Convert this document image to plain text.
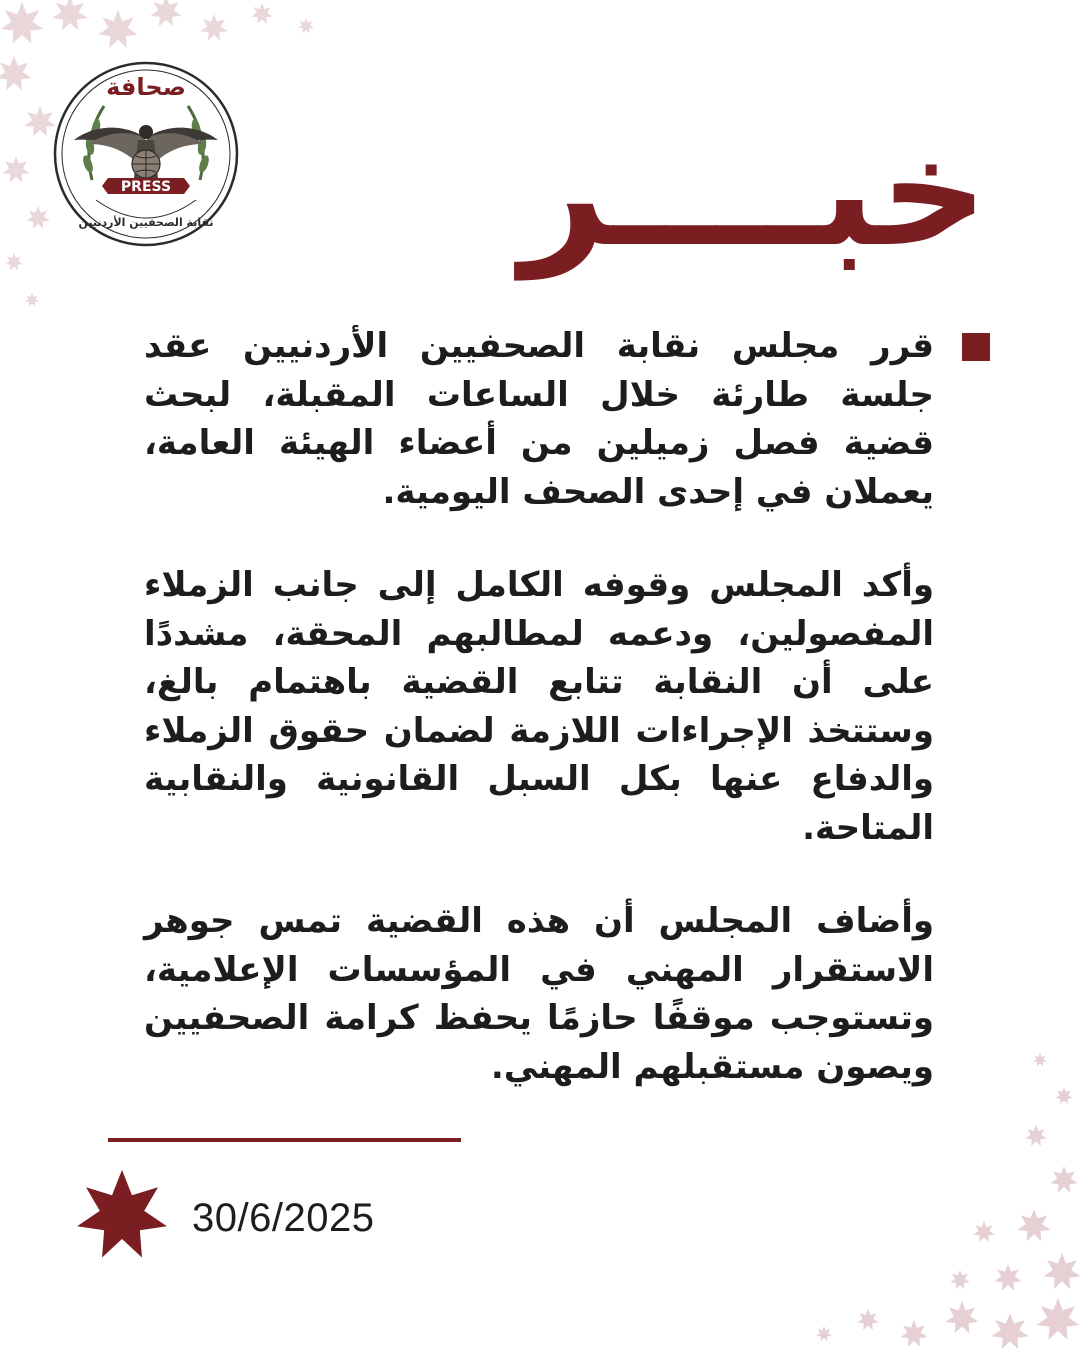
PRESS
صحافة
نقابة الصحفيين الأردنيين خبــــر

قرر مجلس نقابة الصحفيين الأردنيين عقد جلسة طارئة خلال الساعات المقبلة، لبحث قضية فصل زميلين من أعضاء الهيئة العامة، يعملان في إحدى الصحف اليومية.

وأكد المجلس وقوفه الكامل إلى جانب الزملاء المفصولين، ودعمه لمطالبهم المحقة، مشددًا على أن النقابة تتابع القضية باهتمام بالغ، وستتخذ الإجراءات اللازمة لضمان حقوق الزملاء والدفاع عنها بكل السبل القانونية والنقابية المتاحة.

وأضاف المجلس أن هذه القضية تمس جوهر الاستقرار المهني في المؤسسات الإعلامية، وتستوجب موقفًا حازمًا يحفظ كرامة الصحفيين ويصون مستقبلهم المهني.

30/6/2025
